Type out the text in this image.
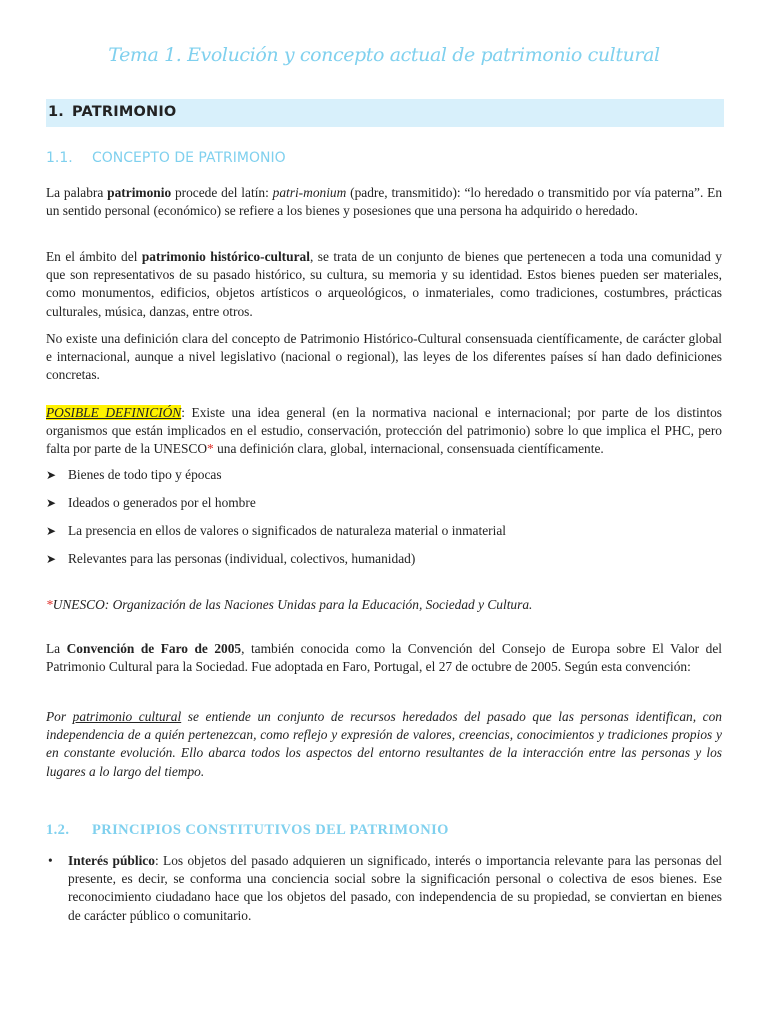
Tema 1. Evolución y concepto actual de patrimonio cultural
1. PATRIMONIO
1.1. CONCEPTO DE PATRIMONIO

La palabra patrimonio procede del latín: patri-monium (padre, transmitido): “lo heredado o transmitido por vía paterna”. En un sentido personal (económico) se refiere a los bienes y posesiones que una persona ha adquirido o heredado.

En el ámbito del patrimonio histórico-cultural, se trata de un conjunto de bienes que pertenecen a toda una comunidad y que son representativos de su pasado histórico, su cultura, su memoria y su identidad. Estos bienes pueden ser materiales, como monumentos, edificios, objetos artísticos o arqueológicos, o inmateriales, como tradiciones, costumbres, prácticas culturales, música, danzas, entre otros.

No existe una definición clara del concepto de Patrimonio Histórico-Cultural consensuada científicamente, de carácter global e internacional, aunque a nivel legislativo (nacional o regional), las leyes de los diferentes países sí han dado definiciones concretas.

POSIBLE DEFINICIÓN: Existe una idea general (en la normativa nacional e internacional; por parte de los distintos organismos que están implicados en el estudio, conservación, protección del patrimonio) sobre lo que implica el PHC, pero falta por parte de la UNESCO* una definición clara, global, internacional, consensuada científicamente.

➤ Bienes de todo tipo y épocas
➤ Ideados o generados por el hombre
➤ La presencia en ellos de valores o significados de naturaleza material o inmaterial
➤ Relevantes para las personas (individual, colectivos, humanidad)

*UNESCO: Organización de las Naciones Unidas para la Educación, Sociedad y Cultura.

La Convención de Faro de 2005, también conocida como la Convención del Consejo de Europa sobre El Valor del Patrimonio Cultural para la Sociedad. Fue adoptada en Faro, Portugal, el 27 de octubre de 2005. Según esta convención:

Por patrimonio cultural se entiende un conjunto de recursos heredados del pasado que las personas identifican, con independencia de a quién pertenezcan, como reflejo y expresión de valores, creencias, conocimientos y tradiciones propios y en constante evolución. Ello abarca todos los aspectos del entorno resultantes de la interacción entre las personas y los lugares a lo largo del tiempo.

1.2. PRINCIPIOS CONSTITUTIVOS DEL PATRIMONIO
• Interés público: Los objetos del pasado adquieren un significado, interés o importancia relevante para las personas del presente, es decir, se conforma una conciencia social sobre la significación personal o colectiva de esos bienes. Ese reconocimiento ciudadano hace que los objetos del pasado, con independencia de su propiedad, se conviertan en bienes de carácter público o comunitario.
